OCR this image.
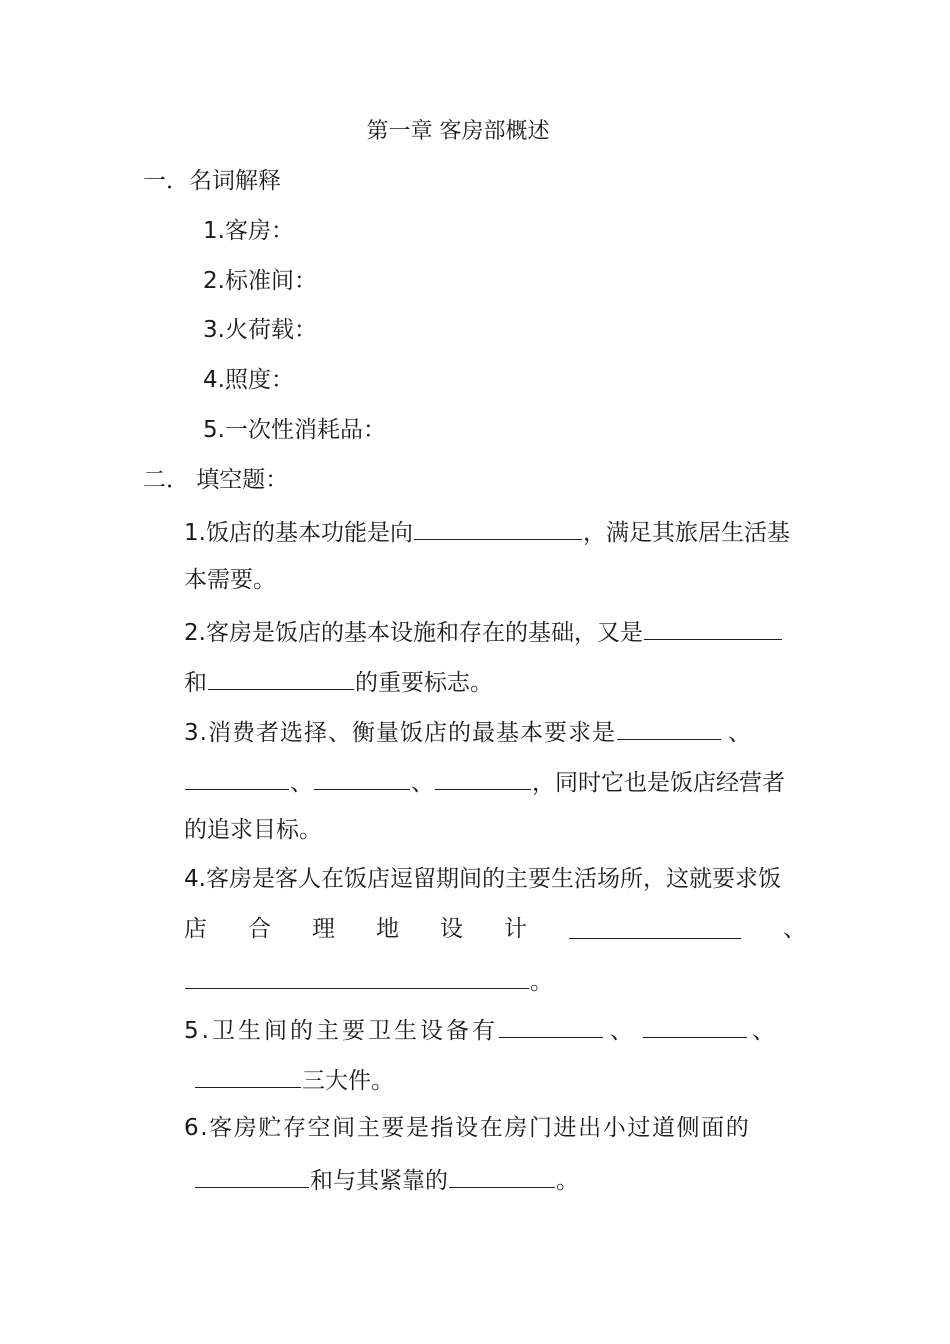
第一章 客房部概述
一．名词解释
1.客房：
2.标准间：
3.火荷载：
4.照度：
5.一次性消耗品：
二． 填空题：
1.饭店的基本功能是向	，满足其旅居生活基
本需要。
2.客房是饭店的基本设施和存在的基础，又是
和	的重要标志。
3.消费者选择、衡量饭店的最基本要求是	、
、	、	，同时它也是饭店经营者
的追求目标。
4.客房是客人在饭店逗留期间的主要生活场所，这就要求饭
店 合 理 地 设 计	、
。
5.卫生间的主要卫生设备有	、	、
三大件。
6.客房贮存空间主要是指设在房门进出小过道侧面的
和与其紧靠的	。
